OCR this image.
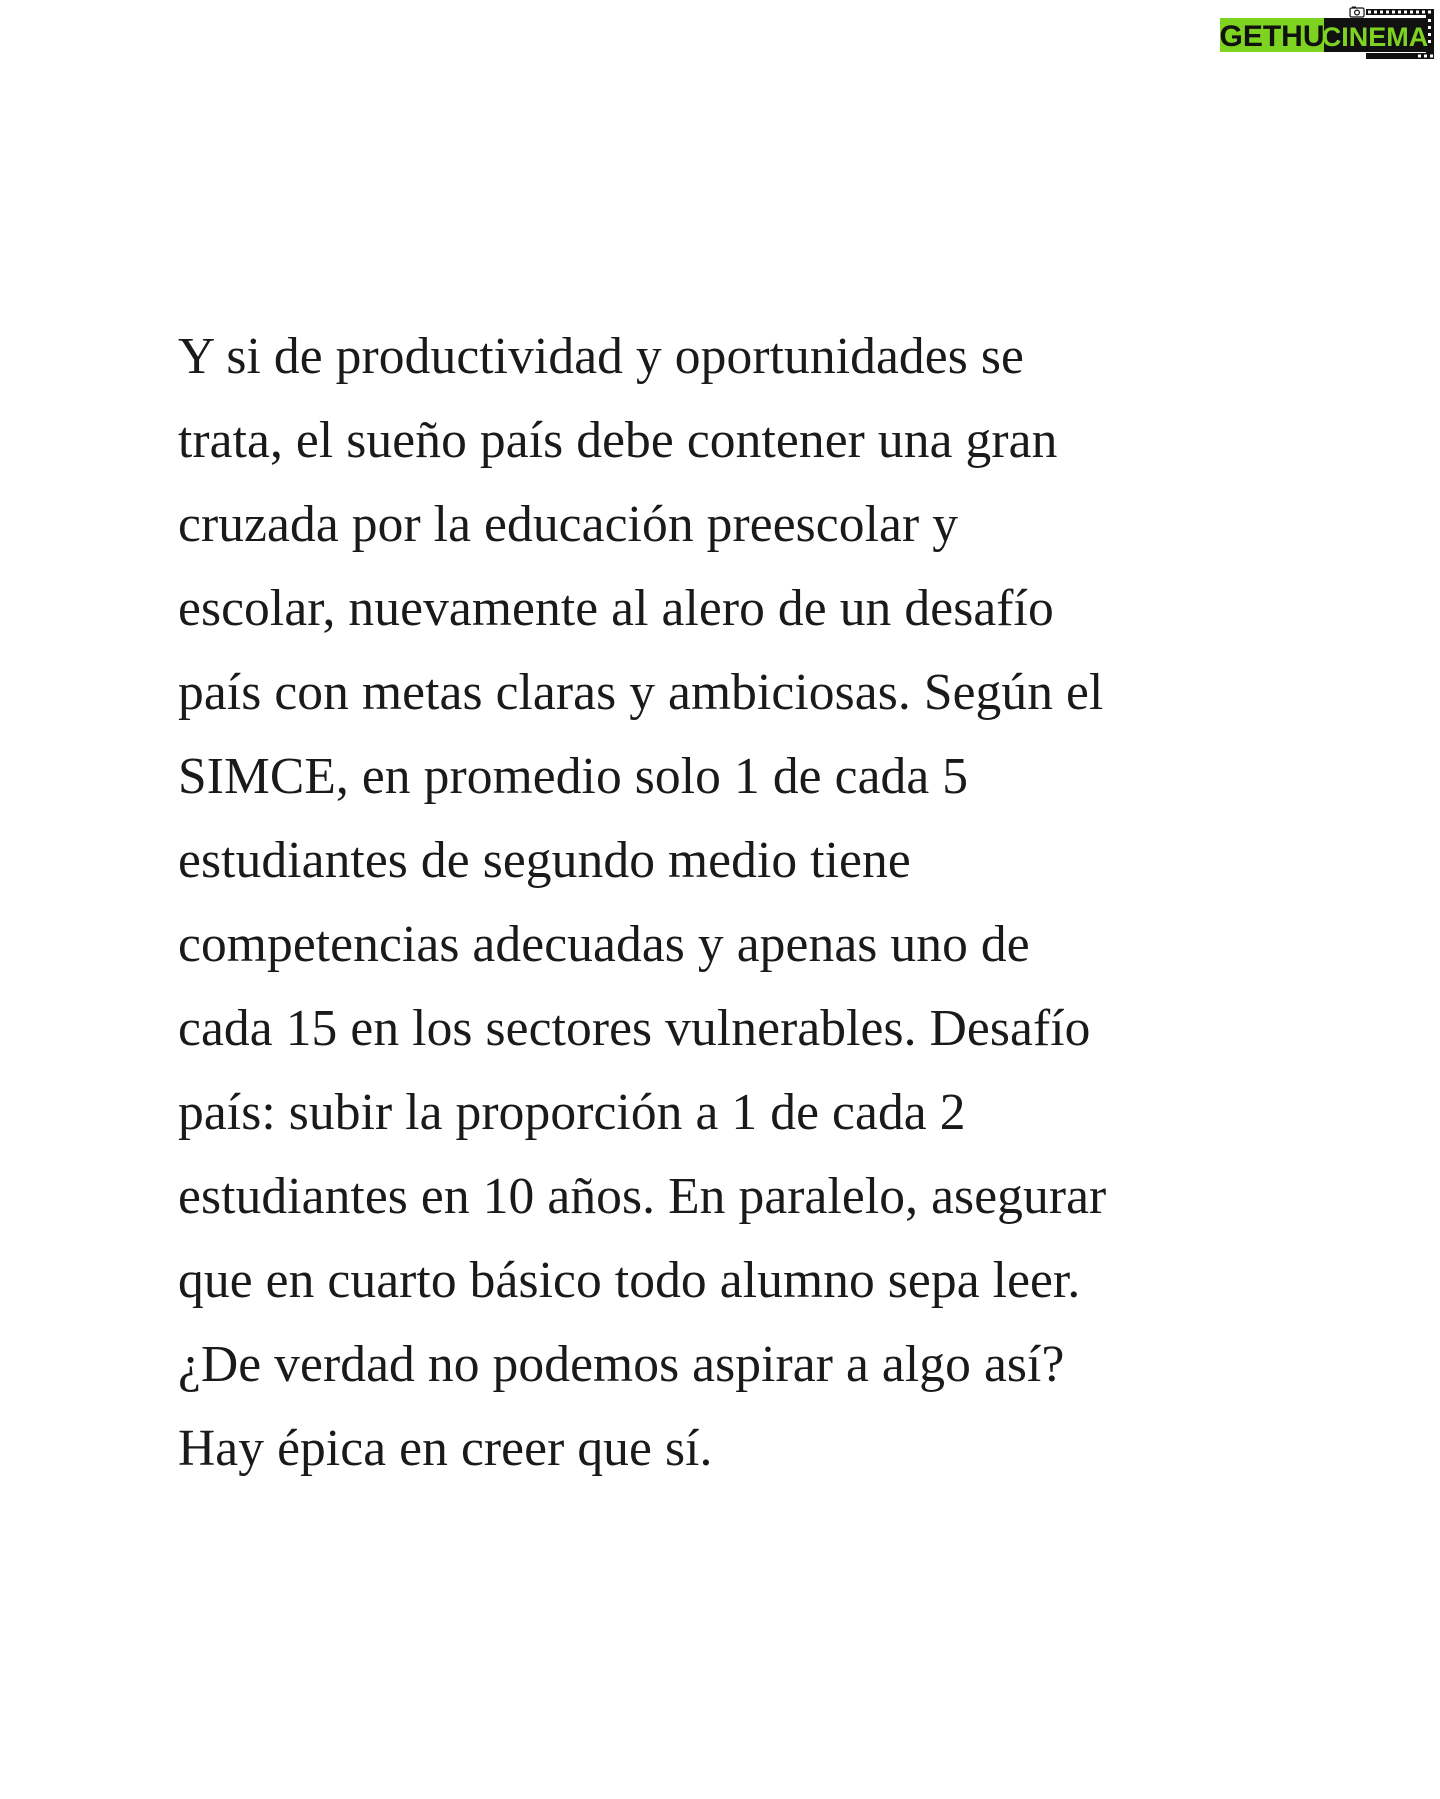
GETHU
CINEMA

Y si de productividad y oportunidades se
trata, el sueño país debe contener una gran
cruzada por la educación preescolar y
escolar, nuevamente al alero de un desafío
país con metas claras y ambiciosas. Según el
SIMCE, en promedio solo 1 de cada 5
estudiantes de segundo medio tiene
competencias adecuadas y apenas uno de
cada 15 en los sectores vulnerables. Desafío
país: subir la proporción a 1 de cada 2
estudiantes en 10 años. En paralelo, asegurar
que en cuarto básico todo alumno sepa leer.
¿De verdad no podemos aspirar a algo así?
Hay épica en creer que sí.
